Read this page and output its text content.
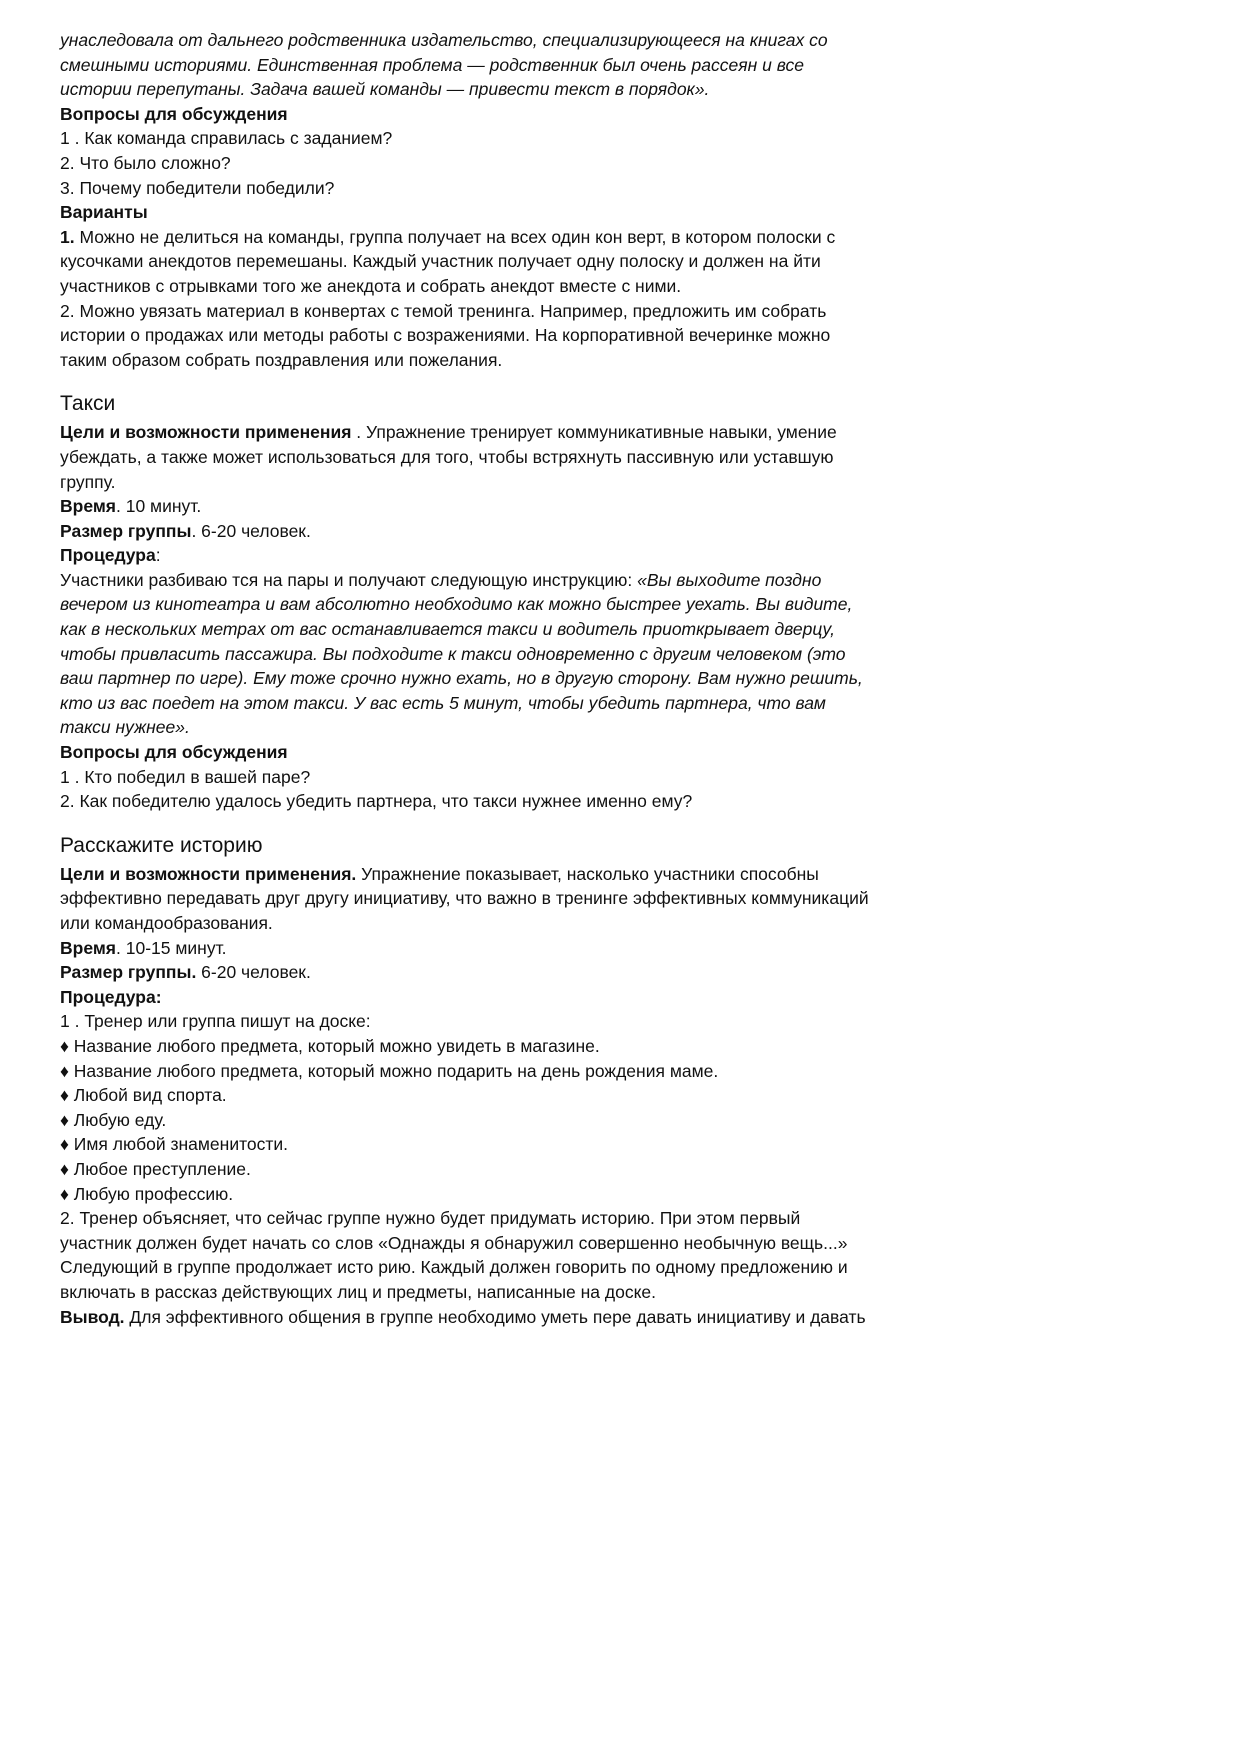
унаследовала от дальнего родственника издательство, специализирующееся на книгах со
смешными историями. Единственная проблема — родственник был очень рассеян и все
истории перепутаны. Задача вашей команды — привести текст в порядок».
Вопросы для обсуждения
1 . Как команда справилась с заданием?
2. Что было сложно?
3. Почему победители победили?
Варианты
1. Можно не делиться на команды, группа получает на всех один кон верт, в котором полоски с
кусочками анекдотов перемешаны. Каждый участник получает одну полоску и должен на йти
участников с отрывками того же анекдота и собрать анекдот вместе с ними.
2. Можно увязать материал в конвертах с темой тренинга. Например, предложить им собрать
истории о продажах или методы работы с возражениями. На корпоративной вечеринке можно
таким образом собрать поздравления или пожелания.
Такси
Цели и возможности применения . Упражнение тренирует коммуникативные навыки, умение
убеждать, а также может использоваться для того, чтобы встряхнуть пассивную или уставшую
группу.
Время. 10 минут.
Размер группы. 6-20 человек.
Процедура:
Участники разбиваю тся на пары и получают следующую инструкцию: «Вы выходите поздно
вечером из кинотеатра и вам абсолютно необходимо как можно быстрее уехать. Вы видите,
как в нескольких метрах от вас останавливается такси и водитель приоткрывает дверцу,
чтобы привласить пассажира. Вы подходите к такси одновременно с другим человеком (это
ваш партнер по игре). Ему тоже срочно нужно ехать, но в другую сторону. Вам нужно решить,
кто из вас поедет на этом такси. У вас есть 5 минут, чтобы убедить партнера, что вам
такси нужнее».
Вопросы для обсуждения
1 . Кто победил в вашей паре?
2. Как победителю удалось убедить партнера, что такси нужнее именно ему?
Расскажите историю
Цели и возможности применения. Упражнение показывает, насколько участники способны
эффективно передавать друг другу инициативу, что важно в тренинге эффективных коммуникаций
или командообразования.
Время. 10-15 минут.
Размер группы. 6-20 человек.
Процедура:
1 . Тренер или группа пишут на доске:
♦ Название любого предмета, который можно увидеть в магазине.
♦ Название любого предмета, который можно подарить на день рождения маме.
♦ Любой вид спорта.
♦ Любую еду.
♦ Имя любой знаменитости.
♦ Любое преступление.
♦ Любую профессию.
2. Тренер объясняет, что сейчас группе нужно будет придумать историю. При этом первый
участник должен будет начать со слов «Однажды я обнаружил совершенно необычную вещь...»
Следующий в группе продолжает исто рию. Каждый должен говорить по одному предложению и
включать в рассказ действующих лиц и предметы, написанные на доске.
Вывод. Для эффективного общения в группе необходимо уметь пере давать инициативу и давать
